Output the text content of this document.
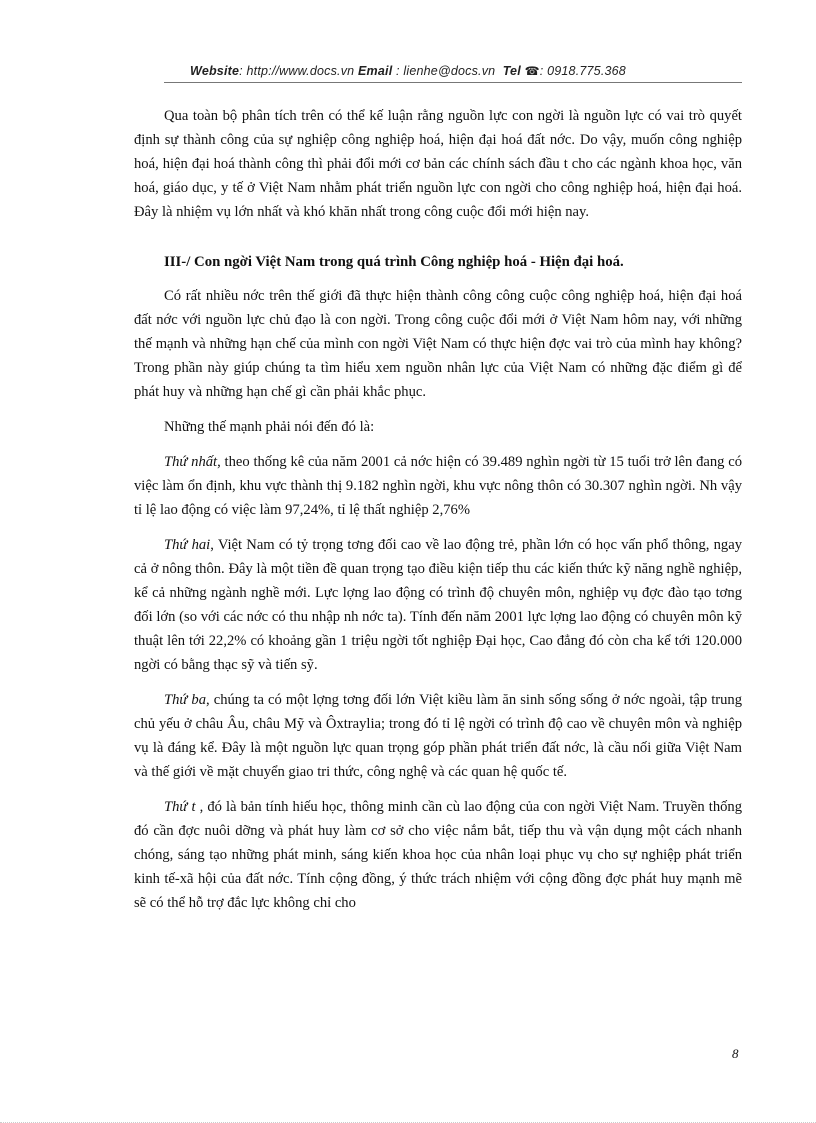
Website: http://www.docs.vn Email : lienhe@docs.vn Tel ☎: 0918.775.368

Qua toàn bộ phân tích trên có thể kế luận rằng nguồn lực con ngời là nguồn lực có vai trò quyết định sự thành công của sự nghiệp công nghiệp hoá, hiện đại hoá đất nớc. Do vậy, muốn công nghiệp hoá, hiện đại hoá thành công thì phải đổi mới cơ bản các chính sách đầu t cho các ngành khoa học, văn hoá, giáo dục, y tế ở Việt Nam nhằm phát triển nguồn lực con ngời cho công nghiệp hoá, hiện đại hoá. Đây là nhiệm vụ lớn nhất và khó khăn nhất trong công cuộc đổi mới hiện nay.

III-/ Con ngời Việt Nam trong quá trình Công nghiệp hoá - Hiện đại hoá.

Có rất nhiều nớc trên thế giới đã thực hiện thành công công cuộc công nghiệp hoá, hiện đại hoá đất nớc với nguồn lực chủ đạo là con ngời. Trong công cuộc đổi mới ở Việt Nam hôm nay, với những thế mạnh và những hạn chế của mình con ngời Việt Nam có thực hiện đợc vai trò của mình hay không? Trong phần này giúp chúng ta tìm hiểu xem nguồn nhân lực của Việt Nam có những đặc điểm gì để phát huy và những hạn chế gì cần phải khắc phục.

Những thế mạnh phải nói đến đó là:

Thứ nhất, theo thống kê của năm 2001 cả nớc hiện có 39.489 nghìn ngời từ 15 tuổi trở lên đang có việc làm ổn định, khu vực thành thị 9.182 nghìn ngời, khu vực nông thôn có 30.307 nghìn ngời. Nh vậy tỉ lệ lao động có việc làm 97,24%, tỉ lệ thất nghiệp 2,76%

Thứ hai, Việt Nam có tỷ trọng tơng đối cao về lao động trẻ, phần lớn có học vấn phổ thông, ngay cả ở nông thôn. Đây là một tiền đề quan trọng tạo điều kiện tiếp thu các kiến thức kỹ năng nghề nghiệp, kể cả những ngành nghề mới. Lực lợng lao động có trình độ chuyên môn, nghiệp vụ đợc đào tạo tơng đối lớn (so với các nớc có thu nhập nh nớc ta). Tính đến năm 2001 lực lợng lao động có chuyên môn kỹ thuật lên tới 22,2% có khoảng gần 1 triệu ngời tốt nghiệp Đại học, Cao đẳng đó còn cha kể tới 120.000 ngời có bằng thạc sỹ và tiến sỹ.

Thứ ba, chúng ta có một lợng tơng đối lớn Việt kiều làm ăn sinh sống sống ở nớc ngoài, tập trung chủ yếu ở châu Âu, châu Mỹ và Ôxtraylia; trong đó tỉ lệ ngời có trình độ cao về chuyên môn và nghiệp vụ là đáng kể. Đây là một nguồn lực quan trọng góp phần phát triển đất nớc, là cầu nối giữa Việt Nam và thế giới về mặt chuyển giao tri thức, công nghệ và các quan hệ quốc tế.

Thứ t , đó là bản tính hiếu học, thông minh cần cù lao động của con ngời Việt Nam. Truyền thống đó cần đợc nuôi dỡng và phát huy làm cơ sở cho việc nắm bắt, tiếp thu và vận dụng một cách nhanh chóng, sáng tạo những phát minh, sáng kiến khoa học của nhân loại phục vụ cho sự nghiệp phát triển kinh tế-xã hội của đất nớc. Tính cộng đồng, ý thức trách nhiệm với cộng đồng đợc phát huy mạnh mẽ sẽ có thể hỗ trợ đắc lực không chỉ cho

8
